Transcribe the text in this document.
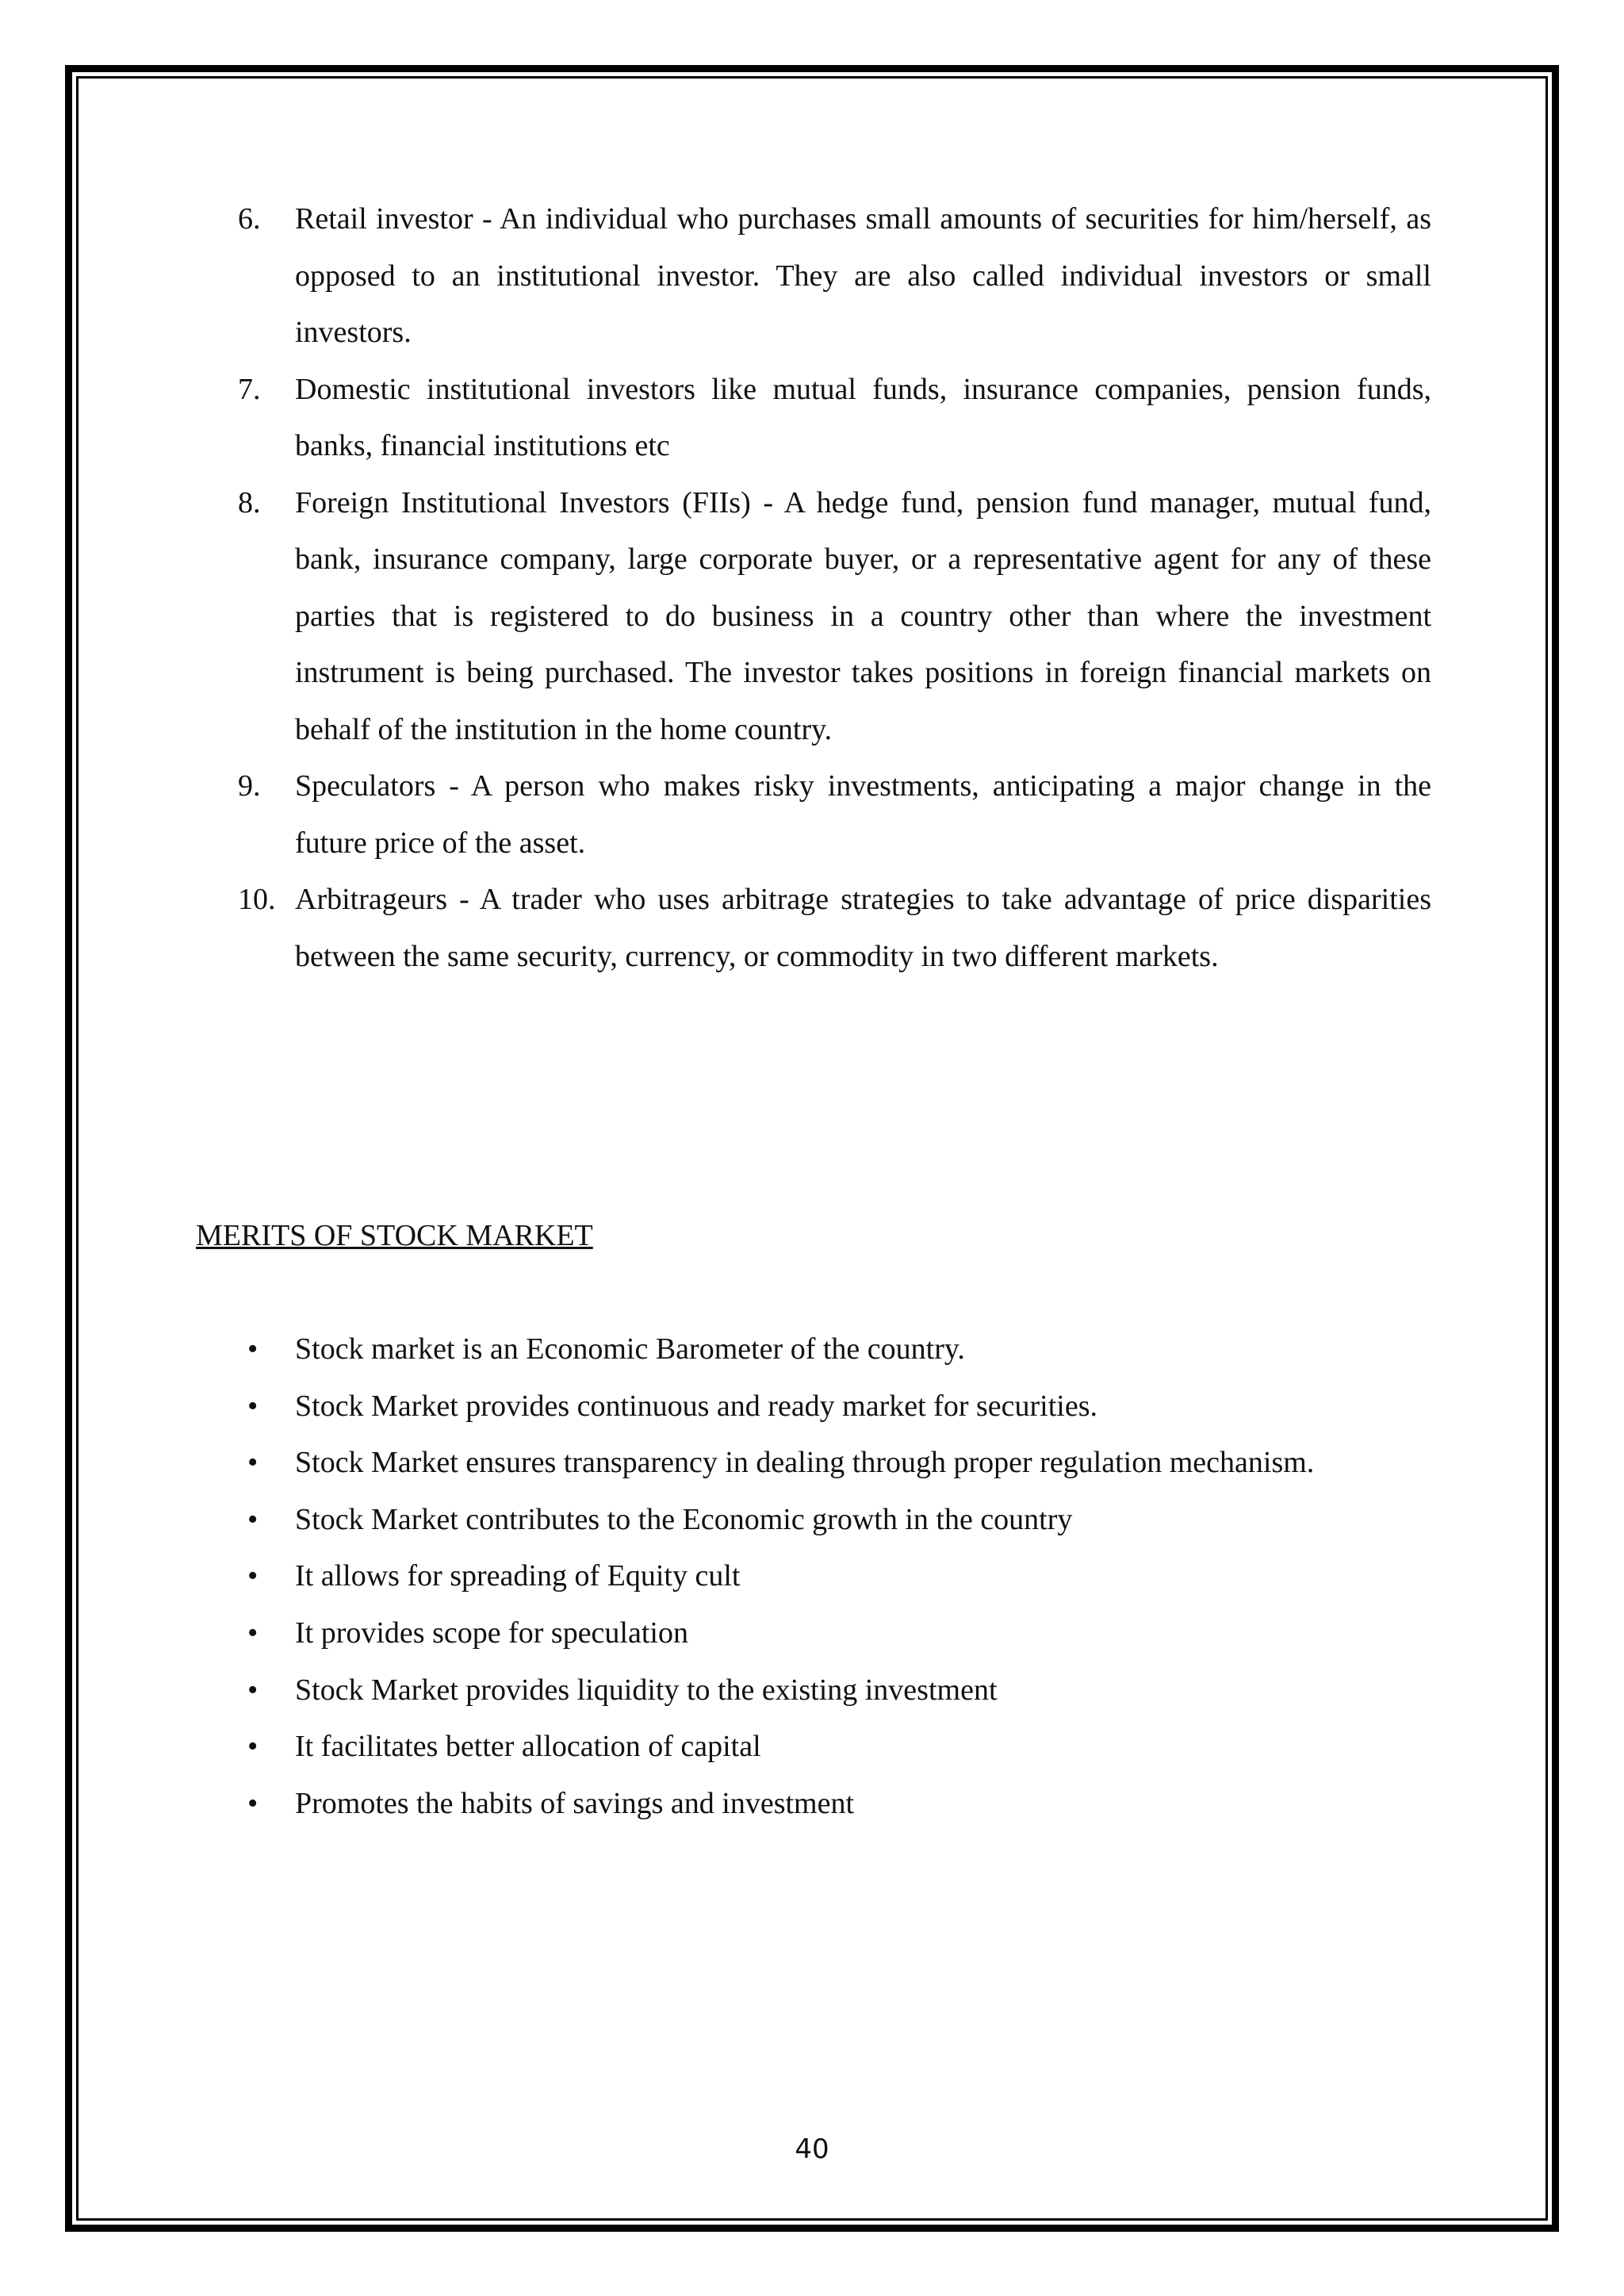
6.	Retail investor - An individual who purchases small amounts of securities for him/herself, as opposed to an institutional investor. They are also called individual investors or small investors.
7.	Domestic institutional investors like mutual funds, insurance companies, pension funds, banks, financial institutions etc
8.	Foreign Institutional Investors (FIIs) - A hedge fund, pension fund manager, mutual fund, bank, insurance company, large corporate buyer, or a representative agent for any of these parties that is registered to do business in a country other than where the investment instrument is being purchased. The investor takes positions in foreign financial markets on behalf of the institution in the home country.
9.	Speculators - A person who makes risky investments, anticipating a major change in the future price of the asset.
10. Arbitrageurs - A trader who uses arbitrage strategies to take advantage of price disparities between the same security, currency, or commodity in two different markets.
MERITS OF STOCK MARKET
• Stock market is an Economic Barometer of the country.
• Stock Market provides continuous and ready market for securities.
• Stock Market ensures transparency in dealing through proper regulation mechanism.
• Stock Market contributes to the Economic growth in the country
• It allows for spreading of Equity cult
• It provides scope for speculation
• Stock Market provides liquidity to the existing investment
• It facilitates better allocation of capital
• Promotes the habits of savings and investment
40
